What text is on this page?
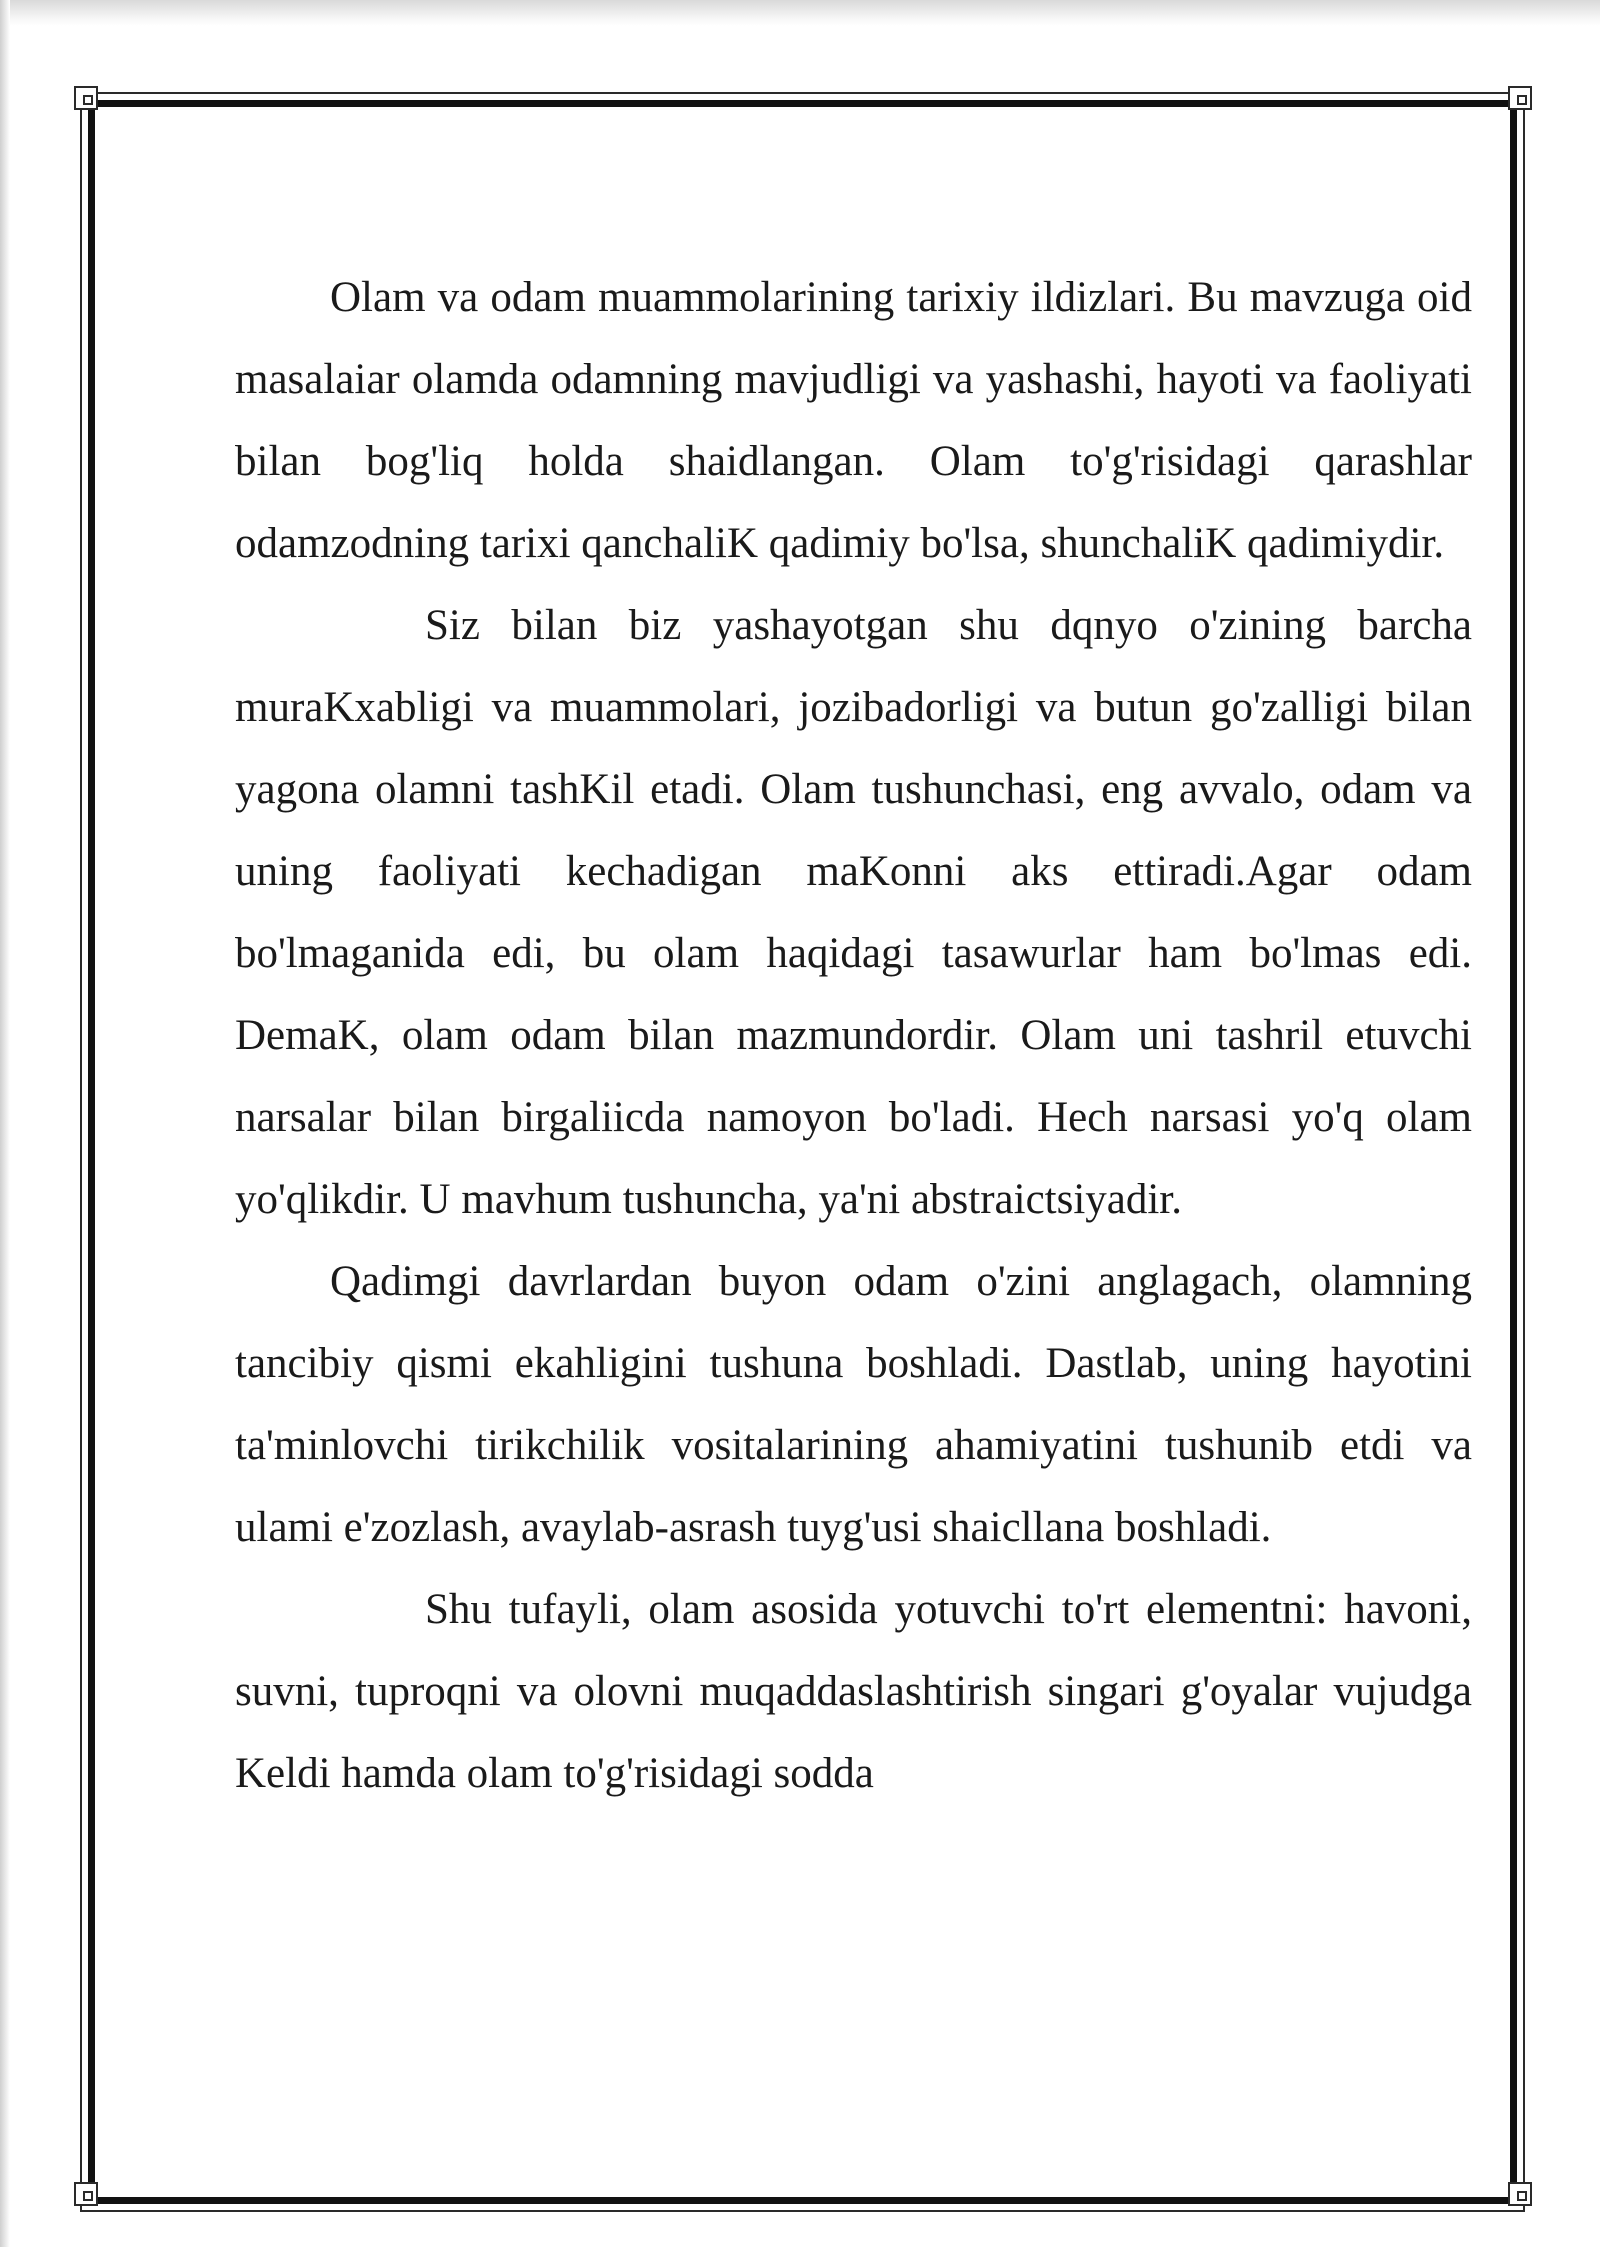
Olam va odam muammolarining tarixiy ildizlari. Bu mavzuga oid masalaiar olamda odamning mavjudligi va yashashi, hayoti va faoliyati bilan bog'liq holda shaidlangan. Olam to'g'risidagi qarashlar odamzodning tarixi qanchaliK qadimiy bo'lsa, shunchaliK qadimiydir.

Siz bilan biz yashayotgan shu dqnyo o'zining barcha muraKxabligi va muammolari, jozibadorligi va butun go'zalligi bilan yagona olamni tashKil etadi. Olam tushunchasi, eng avvalo, odam va uning faoliyati kechadigan maKonni aks ettiradi.Agar odam bo'lmaganida edi, bu olam haqidagi tasawurlar ham bo'lmas edi. DemaK, olam odam bilan mazmundordir. Olam uni tashril etuvchi narsalar bilan birgaliicda namoyon bo'ladi. Hech narsasi yo'q olam yo'qlikdir. U mavhum tushuncha, ya'ni abstraictsiyadir.

Qadimgi davrlardan buyon odam o'zini anglagach, olamning tancibiy qismi ekahligini tushuna boshladi. Dastlab, uning hayotini ta'minlovchi tirikchilik vositalarining ahamiyatini tushunib etdi va ulami e'zozlash, avaylab-asrash tuyg'usi shaicllana boshladi.

Shu tufayli, olam asosida yotuvchi to'rt elementni: havoni, suvni, tuproqni va olovni muqaddaslashtirish singari g'oyalar vujudga Keldi hamda olam to'g'risidagi sodda
